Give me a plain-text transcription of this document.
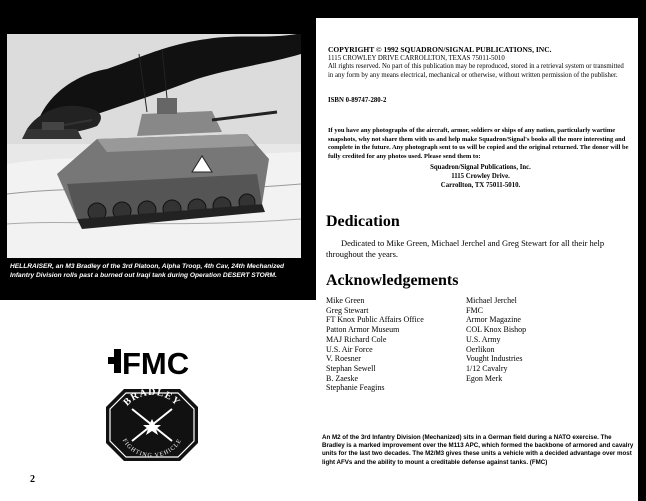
HELLRAISER, an M3 Bradley of the 3rd Platoon, Alpha Troop, 4th Cav, 24th Mechanized Infantry Division rolls past a burned out Iraqi tank during Operation DESERT STORM.
COPYRIGHT © 1992 SQUADRON/SIGNAL PUBLICATIONS, INC.
1115 CROWLEY DRIVE CARROLLTON, TEXAS 75011-5010
All rights reserved. No part of this publication may be reproduced, stored in a retrieval system or transmitted in any form by any means electrical, mechanical or otherwise, without written permission of the publisher.
ISBN 0-89747-280-2
If you have any photographs of the aircraft, armor, soldiers or ships of any nation, particularly wartime snapshots, why not share them with us and help make Squadron/Signal's books all the more interesting and complete in the future. Any photograph sent to us will be copied and the original returned. The donor will be fully credited for any photos used. Please send them to:
Squadron/Signal Publications, Inc.
1115 Crowley Drive.
Carrollton, TX 75011-5010.
Dedication
Dedicated to Mike Green, Michael Jerchel and Greg Stewart for all their help throughout the years.
Acknowledgements
Mike Green
Greg Stewart
FT Knox Public Affairs Office
Patton Armor Museum
MAJ Richard Cole
U.S. Air Force
V. Roesner
Stephan Sewell
B. Zaeske
Stephanie Feagins
Michael Jerchel
FMC
Armor Magazine
COL Knox Bishop
U.S. Army
Oerlikon
Vought Industries
1/12 Cavalry
Egon Merk
FMC
BRADLEY
FIGHTING VEHICLE
An M2 of the 3rd Infantry Division (Mechanized) sits in a German field during a NATO exercise. The Bradley is a marked improvement over the M113 APC, which formed the backbone of armored and cavalry units for the last two decades. The M2/M3 gives these units a vehicle with a decided advantage over most light AFVs and the ability to mount a creditable defense against tanks. (FMC)
2
